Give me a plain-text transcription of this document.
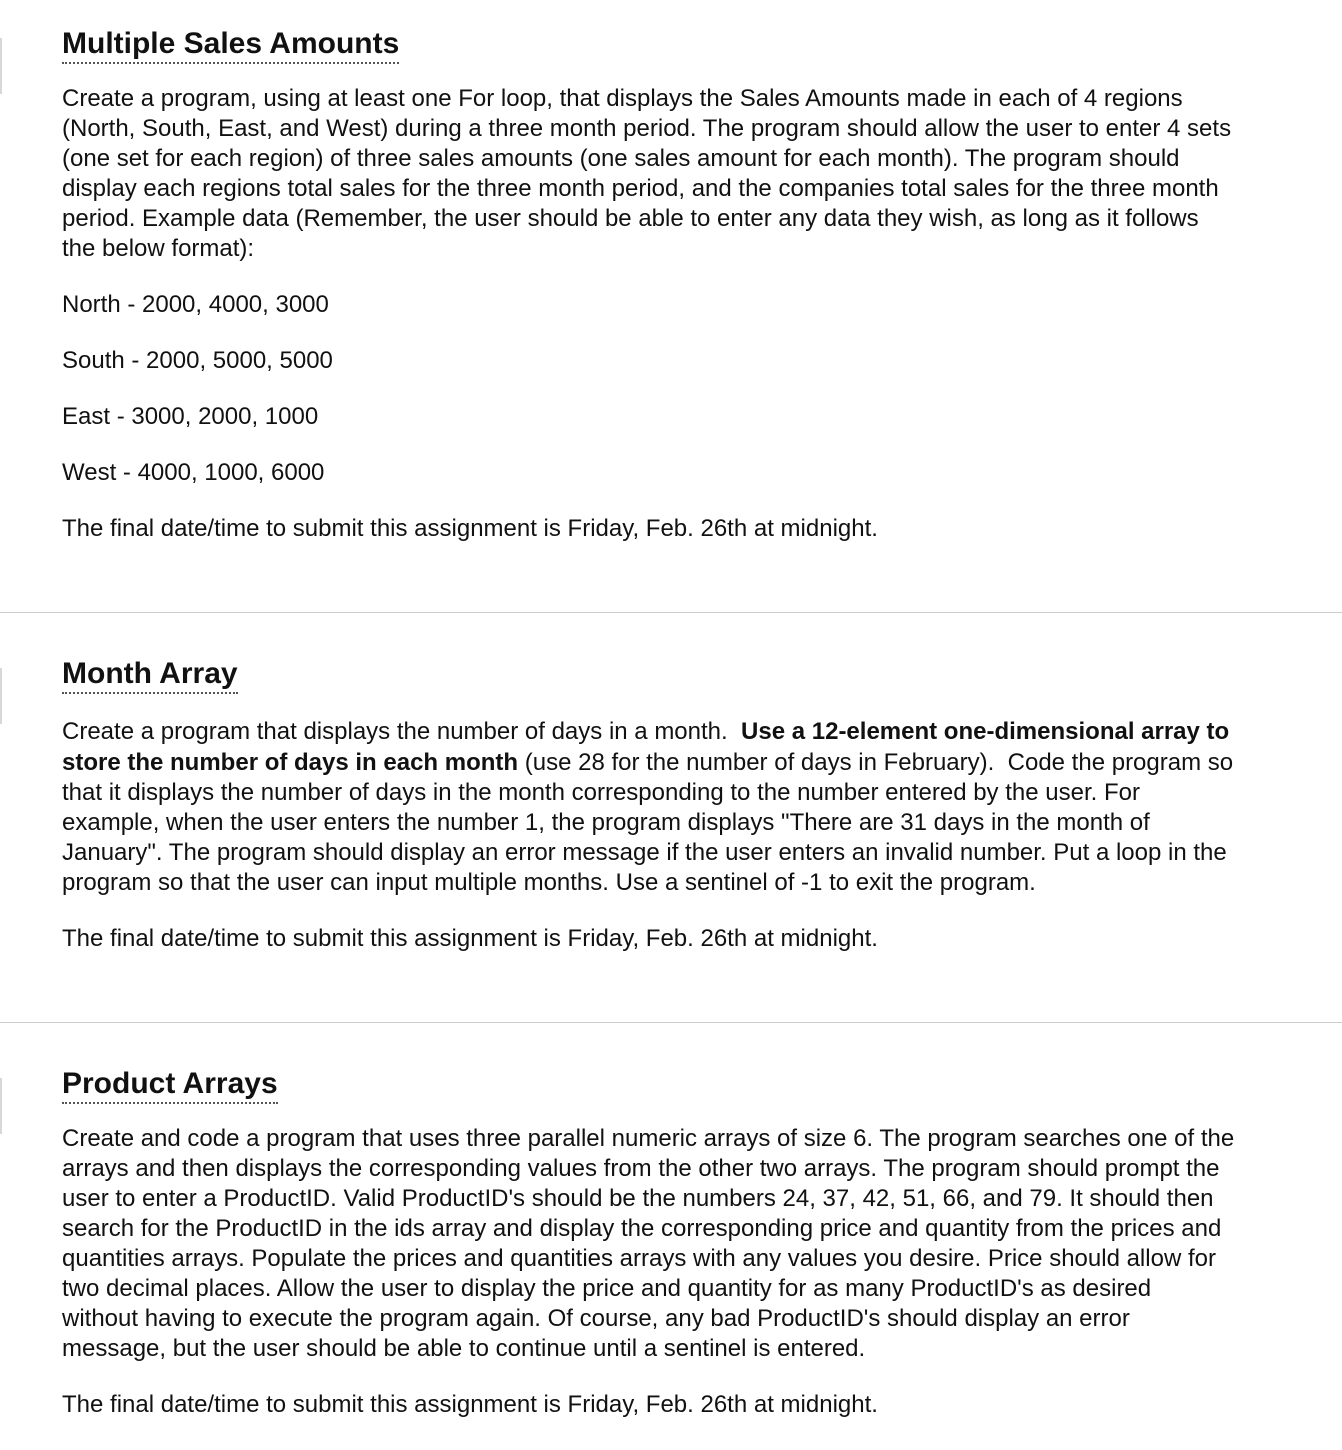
Multiple Sales Amounts

Create a program, using at least one For loop, that displays the Sales Amounts made in each of 4 regions

(North, South, East, and West) during a three month period. The program should allow the user to enter 4 sets

(one set for each region) of three sales amounts (one sales amount for each month). The program should

display each regions total sales for the three month period, and the companies total sales for the three month

period. Example data (Remember, the user should be able to enter any data they wish, as long as it follows

the below format):

North - 2000, 4000, 3000

South - 2000, 5000, 5000

East - 3000, 2000, 1000

West - 4000, 1000, 6000

The final date/time to submit this assignment is Friday, Feb. 26th at midnight.

Month Array

Create a program that displays the number of days in a month.  Use a 12-element one-dimensional array to

store the number of days in each month (use 28 for the number of days in February).  Code the program so

that it displays the number of days in the month corresponding to the number entered by the user. For

example, when the user enters the number 1, the program displays "There are 31 days in the month of

January". The program should display an error message if the user enters an invalid number. Put a loop in the

program so that the user can input multiple months. Use a sentinel of -1 to exit the program.

The final date/time to submit this assignment is Friday, Feb. 26th at midnight.

Product Arrays

Create and code a program that uses three parallel numeric arrays of size 6. The program searches one of the

arrays and then displays the corresponding values from the other two arrays. The program should prompt the

user to enter a ProductID. Valid ProductID's should be the numbers 24, 37, 42, 51, 66, and 79. It should then

search for the ProductID in the ids array and display the corresponding price and quantity from the prices and

quantities arrays. Populate the prices and quantities arrays with any values you desire. Price should allow for

two decimal places. Allow the user to display the price and quantity for as many ProductID's as desired

without having to execute the program again. Of course, any bad ProductID's should display an error

message, but the user should be able to continue until a sentinel is entered.

The final date/time to submit this assignment is Friday, Feb. 26th at midnight.
